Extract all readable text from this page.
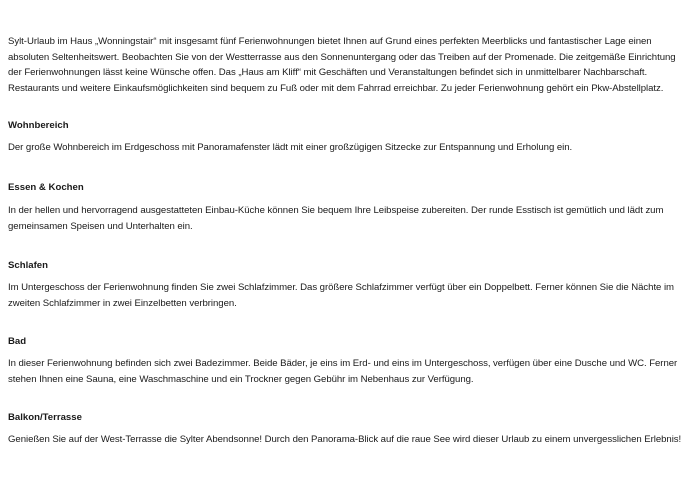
Sylt-Urlaub im Haus „Wonningstair“ mit insgesamt fünf Ferienwohnungen bietet Ihnen auf Grund eines perfekten Meerblicks und fantastischer Lage einen
absoluten Seltenheitswert. Beobachten Sie von der Westterrasse aus den Sonnenuntergang oder das Treiben auf der Promenade. Die zeitgemäße Einrichtung
der Ferienwohnungen lässt keine Wünsche offen. Das „Haus am Kliff“ mit Geschäften und Veranstaltungen befindet sich in unmittelbarer Nachbarschaft.
Restaurants und weitere Einkaufsmöglichkeiten sind bequem zu Fuß oder mit dem Fahrrad erreichbar. Zu jeder Ferienwohnung gehört ein Pkw-Abstellplatz.
Wohnbereich
Der große Wohnbereich im Erdgeschoss mit Panoramafenster lädt mit einer großzügigen Sitzecke zur Entspannung und Erholung ein.
Essen & Kochen
In der hellen und hervorragend ausgestatteten Einbau-Küche können Sie bequem Ihre Leibspeise zubereiten. Der runde Esstisch ist gemütlich und lädt zum
gemeinsamen Speisen und Unterhalten ein.
Schlafen
Im Untergeschoss der Ferienwohnung finden Sie zwei Schlafzimmer. Das größere Schlafzimmer verfügt über ein Doppelbett. Ferner können Sie die Nächte im
zweiten Schlafzimmer in zwei Einzelbetten verbringen.
Bad
In dieser Ferienwohnung befinden sich zwei Badezimmer. Beide Bäder, je eins im Erd- und eins im Untergeschoss, verfügen über eine Dusche und WC. Ferner
stehen Ihnen eine Sauna, eine Waschmaschine und ein Trockner gegen Gebühr im Nebenhaus zur Verfügung.
Balkon/Terrasse
Genießen Sie auf der West-Terrasse die Sylter Abendsonne! Durch den Panorama-Blick auf die raue See wird dieser Urlaub zu einem unvergesslichen Erlebnis!
